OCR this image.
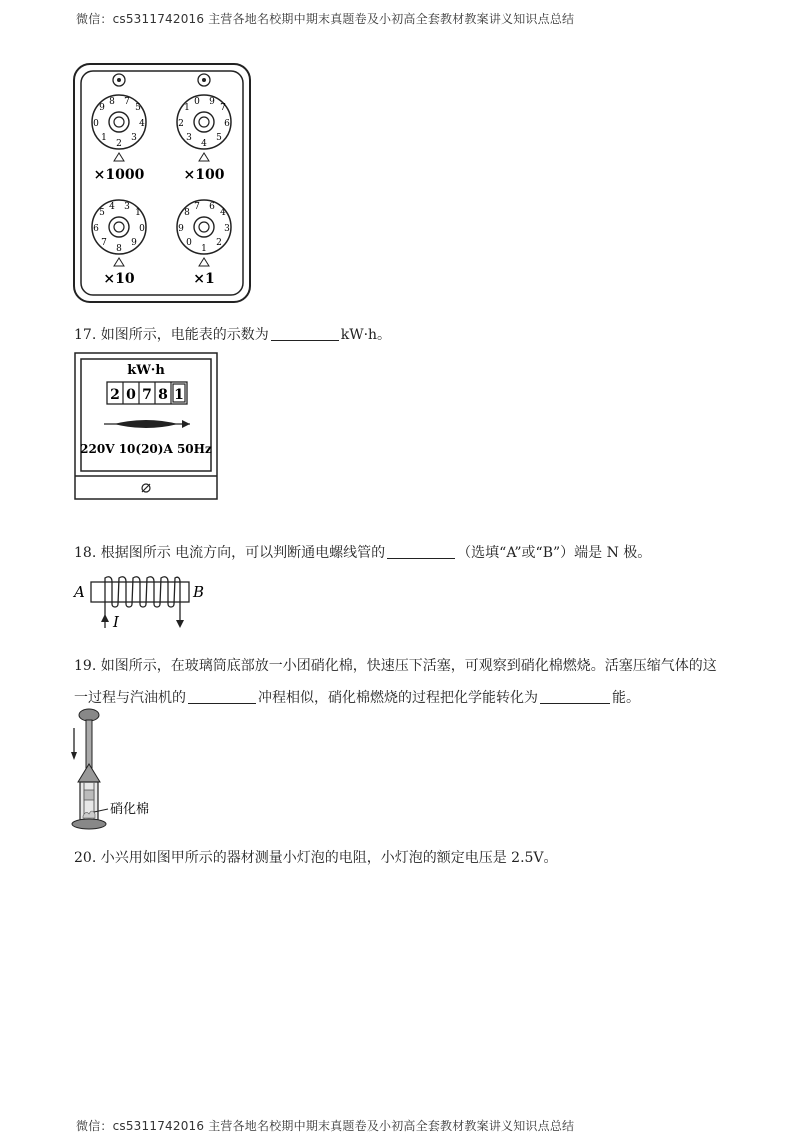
微信：cs5311742016 主营各地名校期中期末真题卷及小初高全套教材教案讲义知识点总结
2
1	3
0	4
9	5
8 7
×1000
4
3	5
2	6
1	7
0 9
×100
8
7	9
6	0
5	1
4 3
×10
1
0	2
9	3
8	4
7 6
×1
17. 如图所示，电能表的示数为	kW·h。
kW·h
2 0 7 8 1
220V 10(20)A 50Hz
18. 根据图所示 电流方向，可以判断通电螺线管的	（选填“A”或“B”）端是 N 极。
A	B
I
19. 如图所示，在玻璃筒底部放一小团硝化棉，快速压下活塞，可观察到硝化棉燃烧。活塞压缩气体的这
一过程与汽油机的	冲程相似，硝化棉燃烧的过程把化学能转化为	能。
硝化棉
20. 小兴用如图甲所示的器材测量小灯泡的电阻，小灯泡的额定电压是 2.5V。
微信：cs5311742016 主营各地名校期中期末真题卷及小初高全套教材教案讲义知识点总结
